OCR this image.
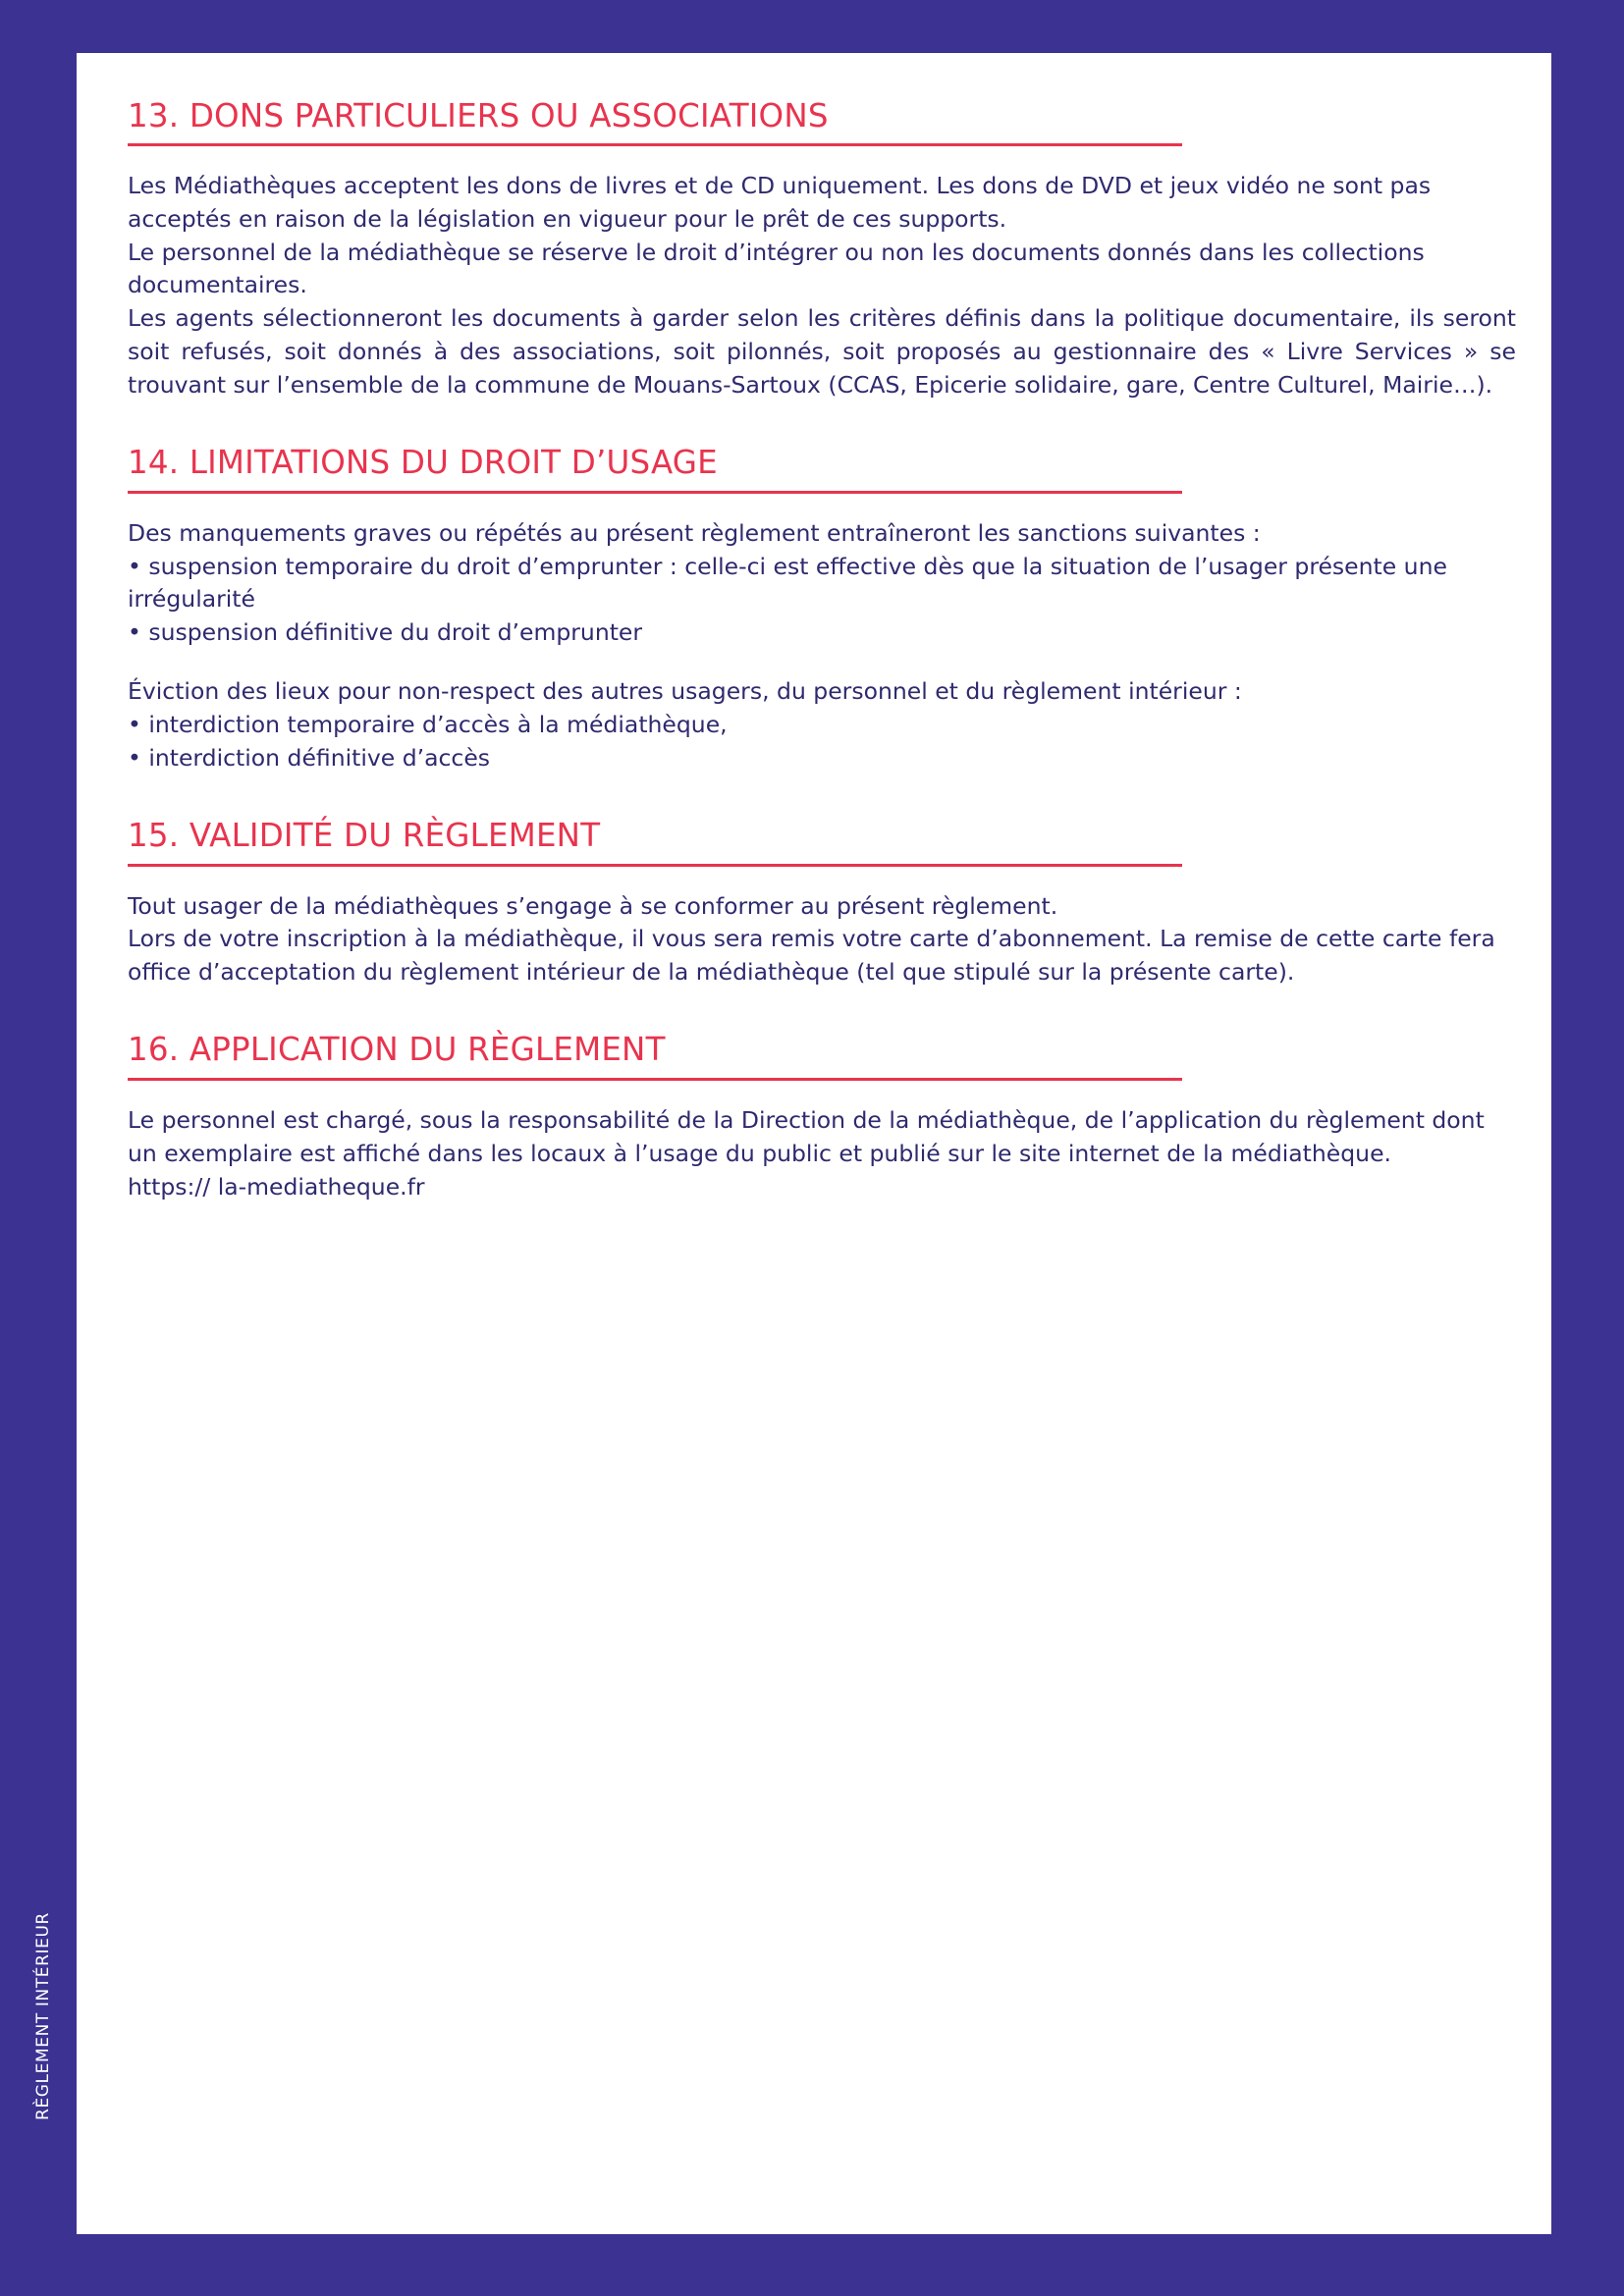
RÈGLEMENT INTÉRIEUR
13. DONS PARTICULIERS OU ASSOCIATIONS

Les Médiathèques acceptent les dons de livres et de CD uniquement. Les dons de DVD et jeux vidéo ne sont pas acceptés en raison de la législation en vigueur pour le prêt de ces supports.

Le personnel de la médiathèque se réserve le droit d’intégrer ou non les documents donnés dans les collections documentaires.

Les agents sélectionneront les documents à garder selon les critères définis dans la politique documentaire, ils seront soit refusés, soit donnés à des associations, soit pilonnés, soit proposés au gestionnaire des « Livre Services » se trouvant sur l’ensemble de la commune de Mouans-Sartoux (CCAS, Epicerie solidaire, gare, Centre Culturel, Mairie…).

14. LIMITATIONS DU DROIT D’USAGE

Des manquements graves ou répétés au présent règlement entraîneront les sanctions suivantes :

• suspension temporaire du droit d’emprunter : celle-ci est effective dès que la situation de l’usager présente une irrégularité

• suspension définitive du droit d’emprunter

Éviction des lieux pour non-respect des autres usagers, du personnel et du règlement intérieur :

• interdiction temporaire d’accès à la médiathèque,

• interdiction définitive d’accès

15. VALIDITÉ DU RÈGLEMENT

Tout usager de la médiathèques s’engage à se conformer au présent règlement.

Lors de votre inscription à la médiathèque, il vous sera remis votre carte d’abonnement. La remise de cette carte fera office d’acceptation du règlement intérieur de la médiathèque (tel que stipulé sur la présente carte).

16. APPLICATION DU RÈGLEMENT

Le personnel est chargé, sous la responsabilité de la Direction de la médiathèque, de l’application du règlement dont un exemplaire est affiché dans les locaux à l’usage du public et publié sur le site internet de la médiathèque.

https:// la-mediatheque.fr
